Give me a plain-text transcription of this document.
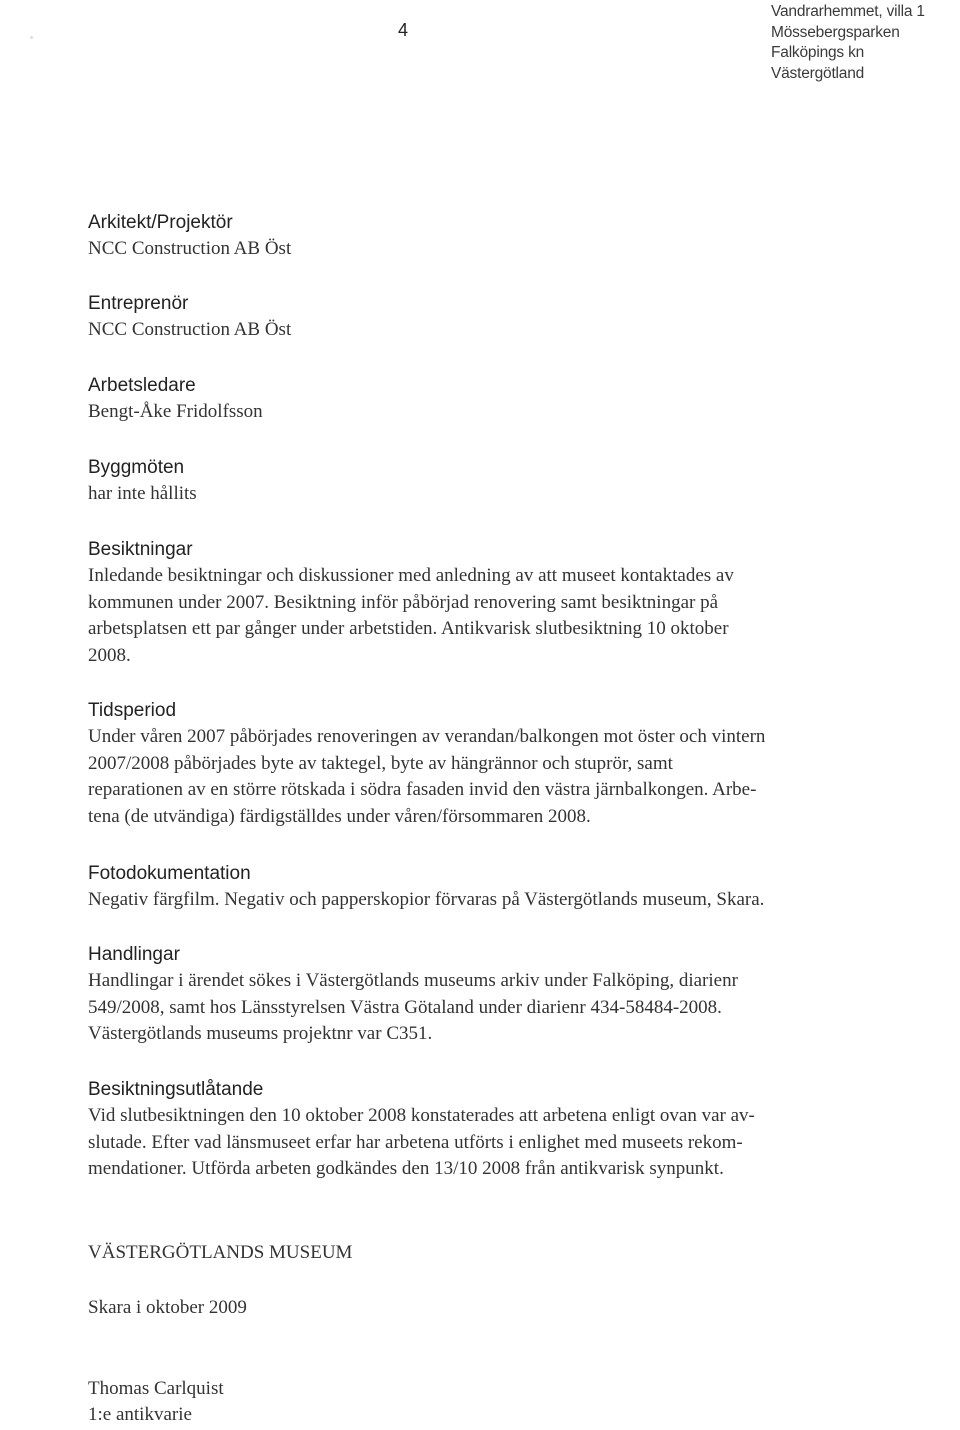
4
Vandrarhemmet, villa 1
Mössebergsparken
Falköpings kn
Västergötland
Arkitekt/Projektör
NCC Construction AB Öst
Entreprenör
NCC Construction AB Öst
Arbetsledare
Bengt-Åke Fridolfsson
Byggmöten
har inte hållits
Besiktningar
Inledande besiktningar och diskussioner med anledning av att museet kontaktades av
kommunen under 2007. Besiktning inför påbörjad renovering samt besiktningar på
arbetsplatsen ett par gånger under arbetstiden. Antikvarisk slutbesiktning 10 oktober
2008.
Tidsperiod
Under våren 2007 påbörjades renoveringen av verandan/balkongen mot öster och vintern
2007/2008 påbörjades byte av taktegel, byte av hängrännor och stuprör, samt
reparationen av en större rötskada i södra fasaden invid den västra järnbalkongen. Arbe-
tena (de utvändiga) färdigställdes under våren/försommaren 2008.
Fotodokumentation
Negativ färgfilm. Negativ och papperskopior förvaras på Västergötlands museum, Skara.
Handlingar
Handlingar i ärendet sökes i Västergötlands museums arkiv under Falköping, diarienr
549/2008, samt hos Länsstyrelsen Västra Götaland under diarienr 434-58484-2008.
Västergötlands museums projektnr var C351.
Besiktningsutlåtande
Vid slutbesiktningen den 10 oktober 2008 konstaterades att arbetena enligt ovan var av-
slutade. Efter vad länsmuseet erfar har arbetena utförts i enlighet med museets rekom-
mendationer. Utförda arbeten godkändes den 13/10 2008 från antikvarisk synpunkt.
VÄSTERGÖTLANDS MUSEUM
Skara i oktober 2009
Thomas Carlquist
1:e antikvarie
